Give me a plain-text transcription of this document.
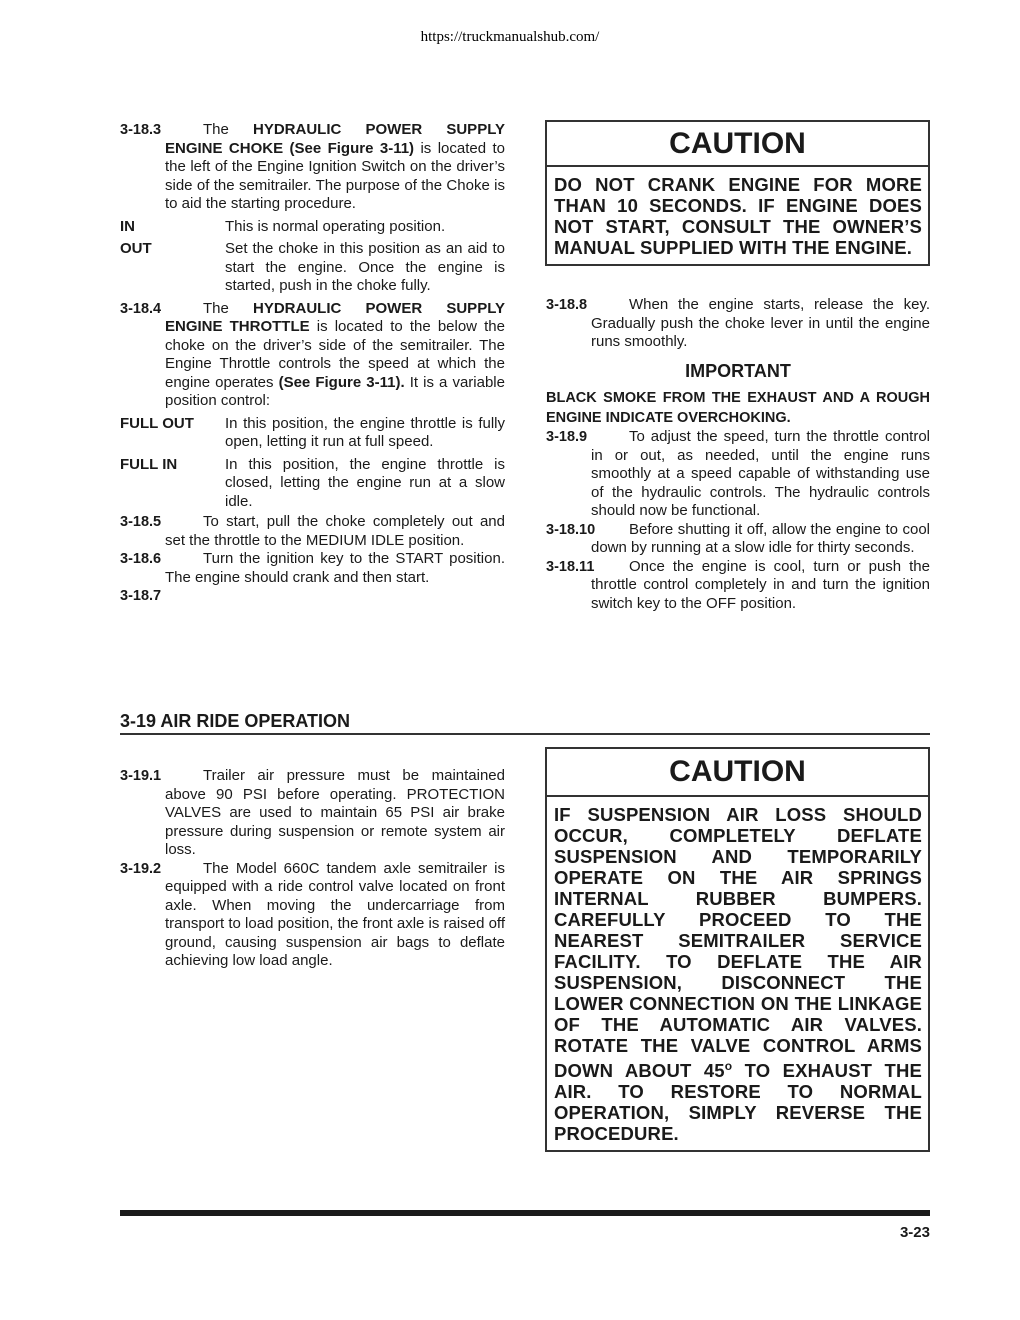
https://truckmanualshub.com/
3-18.3	The HYDRAULIC POWER SUPPLY ENGINE CHOKE (See Figure 3-11) is located to the left of the Engine Ignition Switch on the driver’s side of the semitrailer. The purpose of the Choke is to aid the starting procedure.
IN	This is normal operating position.
OUT	Set the choke in this position as an aid to start the engine. Once the engine is started, push in the choke fully.
3-18.4	The HYDRAULIC POWER SUPPLY ENGINE THROTTLE is located to the below the choke on the driver’s side of the semitrailer. The Engine Throttle controls the speed at which the engine operates (See Figure 3-11). It is a variable position control:
FULL OUT	In this position, the engine throttle is fully open, letting it run at full speed.
FULL IN	In this position, the engine throttle is closed, letting the engine run at a slow idle.
3-18.5	To start, pull the choke completely out and set the throttle to the MEDIUM IDLE position.
3-18.6	Turn the ignition key to the START position. The engine should crank and then start.
3-18.7
CAUTION
DO NOT CRANK ENGINE FOR MORE THAN 10 SECONDS. IF ENGINE DOES NOT START, CONSULT THE OWNER’S MANUAL SUPPLIED WITH THE ENGINE.
3-18.8	When the engine starts, release the key. Gradually push the choke lever in until the engine runs smoothly.
IMPORTANT
BLACK SMOKE FROM THE EXHAUST AND A ROUGH ENGINE INDICATE OVERCHOKING.
3-18.9	To adjust the speed, turn the throttle control in or out, as needed, until the engine runs smoothly at a speed capable of withstanding use of the hydraulic controls. The hydraulic controls should now be functional.
3-18.10 Before shutting it off, allow the engine to cool down by running at a slow idle for thirty seconds.
3-18.11 Once the engine is cool, turn or push the throttle control completely in and turn the ignition switch key to the OFF position.
3-19 AIR RIDE OPERATION
3-19.1	Trailer air pressure must be maintained above 90 PSI before operating. PROTECTION VALVES are used to maintain 65 PSI air brake pressure during suspension or remote system air loss.
3-19.2	The Model 660C tandem axle semitrailer is equipped with a ride control valve located on front axle. When moving the undercarriage from transport to load position, the front axle is raised off ground, causing suspension air bags to deflate achieving low load angle.
CAUTION
IF SUSPENSION AIR LOSS SHOULD OCCUR, COMPLETELY DEFLATE SUSPENSION AND TEMPORARILY OPERATE ON THE AIR SPRINGS INTERNAL RUBBER BUMPERS. CAREFULLY PROCEED TO THE NEAREST SEMITRAILER SERVICE FACILITY. TO DEFLATE THE AIR SUSPENSION, DISCONNECT THE LOWER CONNECTION ON THE LINKAGE OF THE AUTOMATIC AIR VALVES. ROTATE THE VALVE CONTROL ARMS DOWN ABOUT 45$^o$ TO EXHAUST THE AIR. TO RESTORE TO NORMAL OPERATION, SIMPLY REVERSE THE PROCEDURE.
3-23
